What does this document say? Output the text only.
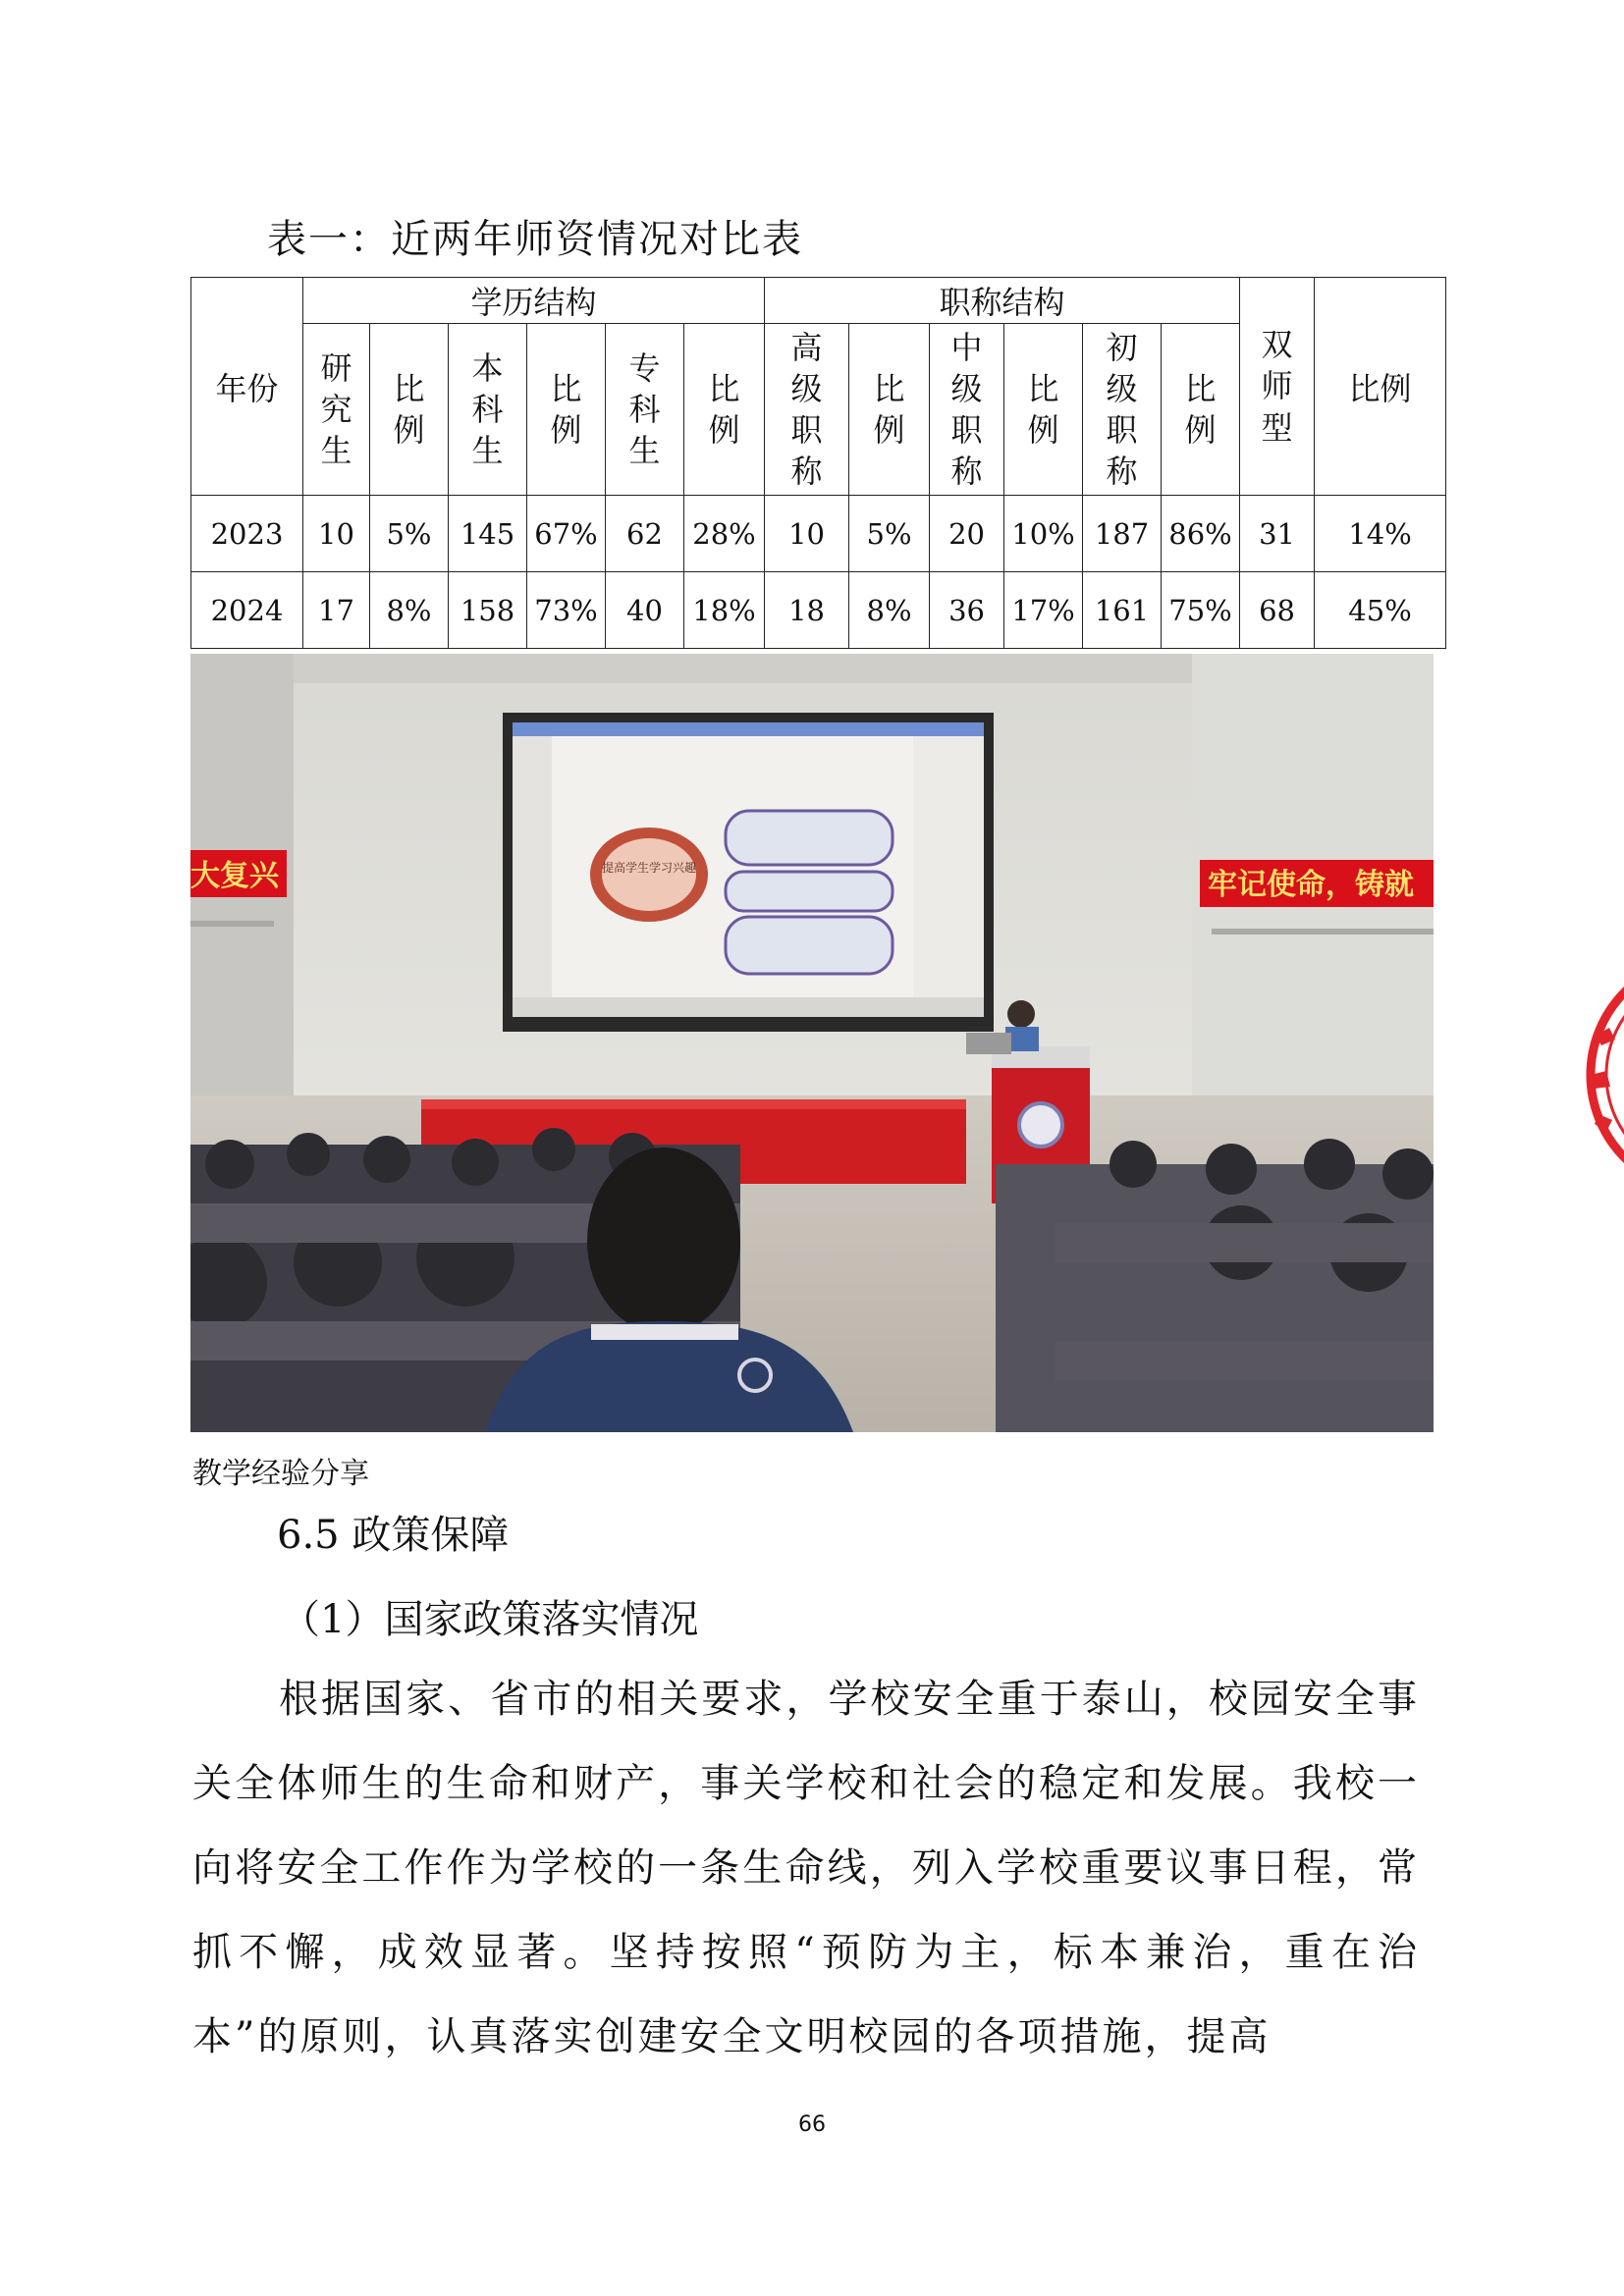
表一：近两年师资情况对比表
年份	学历结构						职称结构						双师型	比例
	研究生	比例	本科生	比例	专科生	比例	高级职称	比例	中级职称	比例	初级职称	比例		
2023	10	5%	145	67%	62	28%	10	5%	20	10%	187	86%	31	14%
2024	17	8%	158	73%	40	18%	18	8%	36	17%	161	75%	68	45%
提高学生学习兴趣
大复兴	牢记使命，铸就
教学经验分享
6.5 政策保障
（1）国家政策落实情况
根据国家、省市的相关要求，学校安全重于泰山，校园安全事关全体师生的生命和财产，事关学校和社会的稳定和发展。我校一向将安全工作作为学校的一条生命线，列入学校重要议事日程，常抓不懈，成效显著。坚持按照“预防为主，标本兼治，重在治本”的原则，认真落实创建安全文明校园的各项措施，提高
66
